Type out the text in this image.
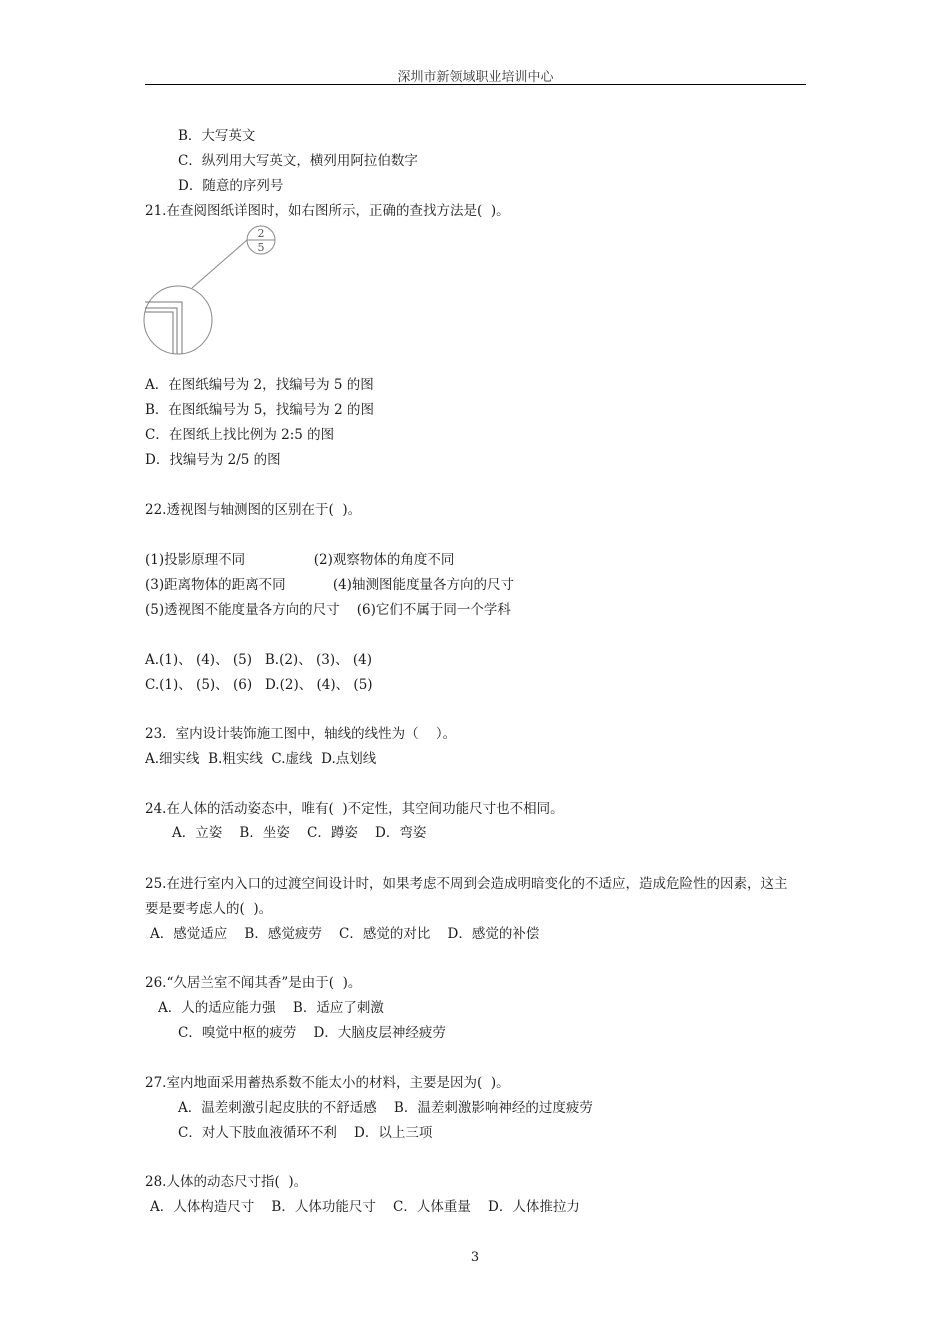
深圳市新领域职业培训中心
B．大写英文
C．纵列用大写英文，横列用阿拉伯数字
D．随意的序列号
21.在查阅图纸详图时，如右图所示，正确的查找方法是(  )。
2
5
A．在图纸编号为 2，找编号为 5 的图
B．在图纸编号为 5，找编号为 2 的图
C．在图纸上找比例为 2:5 的图
D．找编号为 2/5 的图
22.透视图与轴测图的区别在于(  )。
(1)投影原理不同                (2)观察物体的角度不同
(3)距离物体的距离不同           (4)轴测图能度量各方向的尺寸
(5)透视图不能度量各方向的尺寸    (6)它们不属于同一个学科
A.(1)、 (4)、 (5)   B.(2)、 (3)、 (4)
C.(1)、 (5)、 (6)   D.(2)、 (4)、 (5)
23．室内设计装饰施工图中，轴线的线性为（    ）。
A.细实线  B.粗实线  C.虚线  D.点划线
24.在人体的活动姿态中，唯有(  )不定性，其空间功能尺寸也不相同。
A．立姿    B．坐姿    C．蹲姿    D．弯姿
25.在进行室内入口的过渡空间设计时，如果考虑不周到会造成明暗变化的不适应，造成危险性的因素，这主
要是要考虑人的(  )。
A．感觉适应    B．感觉疲劳    C．感觉的对比    D．感觉的补偿
26.“久居兰室不闻其香”是由于(  )。
A．人的适应能力强    B．适应了刺激
C．嗅觉中枢的疲劳    D．大脑皮层神经疲劳
27.室内地面采用蓄热系数不能太小的材料，主要是因为(  )。
A．温差刺激引起皮肤的不舒适感    B．温差刺激影响神经的过度疲劳
C．对人下肢血液循环不利    D．以上三项
28.人体的动态尺寸指(  )。
A．人体构造尺寸    B．人体功能尺寸    C．人体重量    D．人体推拉力
3
